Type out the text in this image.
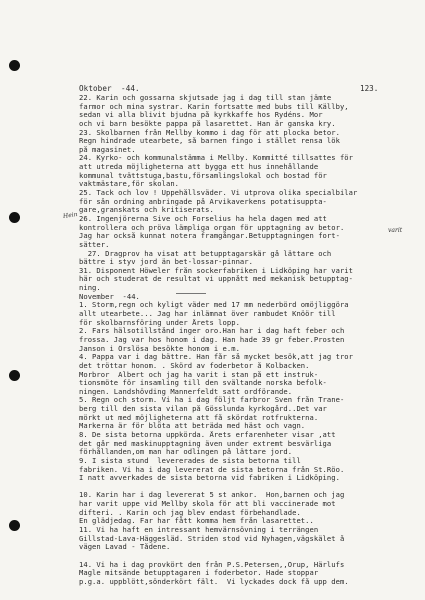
Oktober  -44.	123.
22. Karin och gossarna skjutsade jag i dag till stan jämte
farmor och mina systrar. Karin fortsatte med bubs till Källby,
sedan vi alla blivit bjudna på kyrkkaffe hos Rydéns. Mor
och vi barn besökte pappa på lasarettet. Han är ganska kry.
23. Skolbarnen från Mellby kommo i dag för att plocka betor.
Regn hindrade utearbete, så barnen fingo i stället rensa lök
på magasinet.
24. Kyrko- och kommunalstämma i Mellby. Kommitté tillsattes för
att utreda möjligheterna att bygga ett hus innehållande
kommunal tvättstuga,bastu,församlingslokal och bostad för
vaktmästare,för skolan.
25. Tack och lov ! Uppehållsväder. Vi utprova olika specialbilar
för sån ordning anbringade på Arvikaverkens potatisuppta-
gare,granskats och kritiserats.
26. Ingenjörerna Sive och Forselius ha hela dagen med att
kontrollera och pröva lämpliga organ för upptagning av betor.
Jag har också kunnat notera framgångar.Betupptagningen fort-
sätter.
27. Dragprov ha visat att betupptagarskär gå lättare och
bättre i styv jord än bet-lossar-pinnar.
31. Disponent Höweler från sockerfabriken i Lidköping har varit
här och studerat de resultat vi uppnått med mekanisk betupptag-
ning.
November  -44.
1. Storm,regn och kyligt väder med 17 mm nederbörd omöjliggöra
allt utearbete... Jag har inlämnat över rambudet Knöör till
för skolbarnsföring under Årets lopp.
2. Fars hälsotillstånd inger oro.Han har i dag haft feber och
frossa. Jag var hos honom i dag. Han hade 39 gr feber.Prosten
Janson i Örslösa besökte honom i e.m.
4. Pappa var i dag bättre. Han får så mycket besök,att jag tror
det tröttar honom. . Skörd av foderbetor å Kolbacken.
Morbror  Albert och jag ha varit i stan på ett instruk-
tionsmöte för insamling till den svältande norska befolk-
ningen. Landshövding Mannerfeldt satt ordförande.
5. Regn och storm. Vi ha i dag följt farbror Sven från Trane-
berg till den sista vilan på Gösslunda kyrkogård..Det var
mörkt ut med möjligheterna att få skördat rotfrukterna.
Markerna är för blöta att beträda med häst och vagn.
8. De sista betorna uppkörda. Årets erfarenheter visar ,att
det går med maskinupptagning även under extremt besvärliga
förhållanden,om man har odlingen på lättare jord.
9. I sista stund  levererades de sista betorna till
fabriken. Vi ha i dag levererat de sista betorna från St.Röo.
I natt avverkades de sista betorna vid fabriken i Lidköping.
10. Karin har i dag levererat 5 st ankor.  Hon,barnen och jag
har varit uppe vid Mellby skola för att bli vaccinerade mot
difteri. . Karin och jag blev endast förbehandlade.
En glädjedag. Far har fått komma hem från lasarettet..
11. Vi ha haft en intressant hemvärnsövning i terrängen
Gillstad-Lava-Häggesläd. Striden stod vid Nyhagen,vägskälet å
vägen Lavad - Tådene.
14. Vi ha i dag provkört den från P.S.Petersen,,Orup, Härlufs
Magle mitsände betupptagaren i foderbetor. Hade stoppar
p.g.a. uppblött,sönderkört fält.  Vi lyckades dock få upp dem.
Hein
varit
